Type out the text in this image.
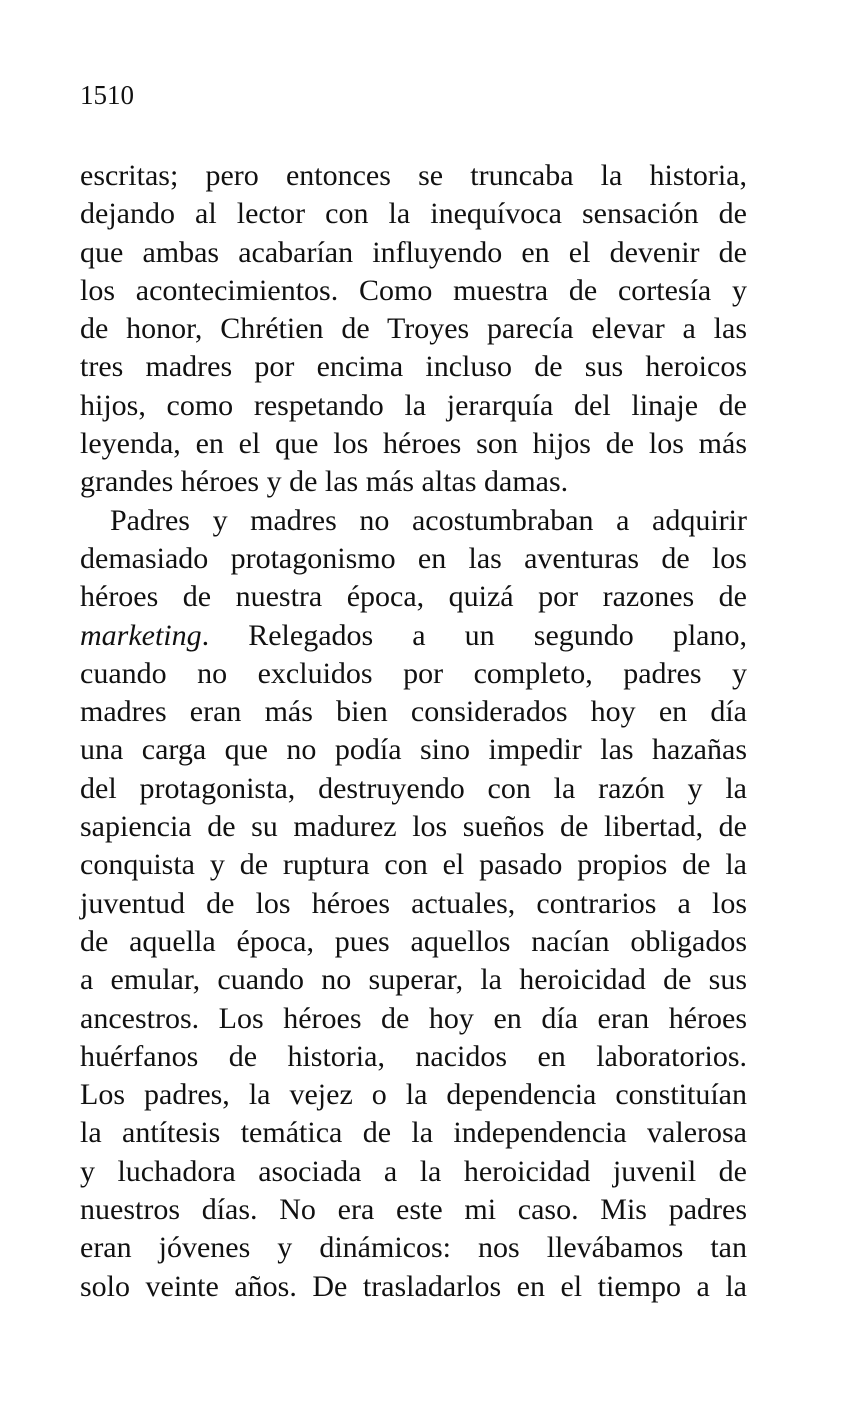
1510

escritas; pero entonces se truncaba la historia,
dejando al lector con la inequívoca sensación de
que ambas acabarían influyendo en el devenir de
los acontecimientos. Como muestra de cortesía y
de honor, Chrétien de Troyes parecía elevar a las
tres madres por encima incluso de sus heroicos
hijos, como respetando la jerarquía del linaje de
leyenda, en el que los héroes son hijos de los más
grandes héroes y de las más altas damas.
Padres y madres no acostumbraban a adquirir
demasiado protagonismo en las aventuras de los
héroes de nuestra época, quizá por razones de
marketing. Relegados a un segundo plano,
cuando no excluidos por completo, padres y
madres eran más bien considerados hoy en día
una carga que no podía sino impedir las hazañas
del protagonista, destruyendo con la razón y la
sapiencia de su madurez los sueños de libertad, de
conquista y de ruptura con el pasado propios de la
juventud de los héroes actuales, contrarios a los
de aquella época, pues aquellos nacían obligados
a emular, cuando no superar, la heroicidad de sus
ancestros. Los héroes de hoy en día eran héroes
huérfanos de historia, nacidos en laboratorios.
Los padres, la vejez o la dependencia constituían
la antítesis temática de la independencia valerosa
y luchadora asociada a la heroicidad juvenil de
nuestros días. No era este mi caso. Mis padres
eran jóvenes y dinámicos: nos llevábamos tan
solo veinte años. De trasladarlos en el tiempo a la
